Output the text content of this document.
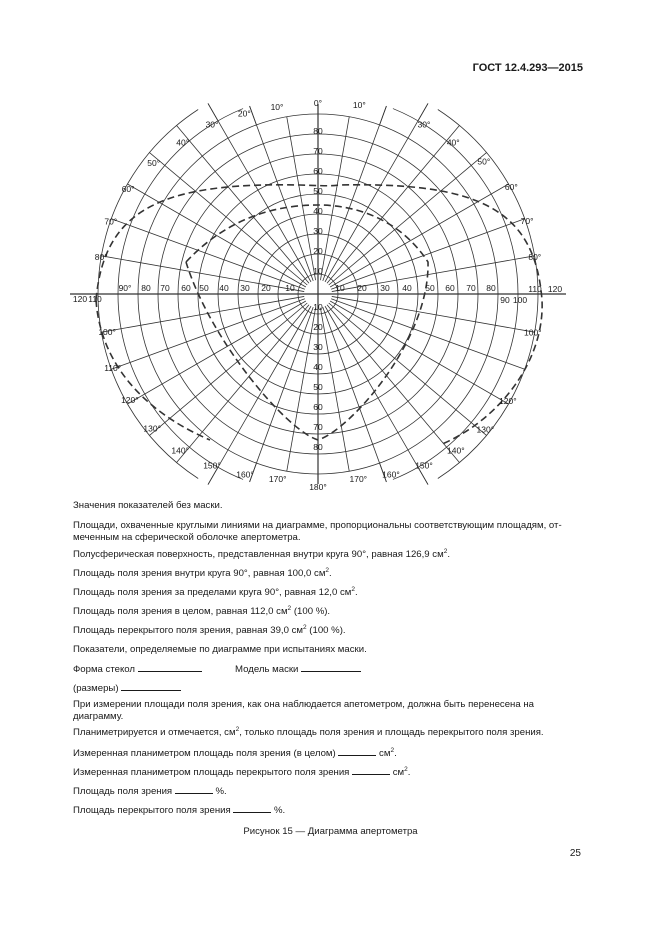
ГОСТ 12.4.293—2015
0°	10°
30°
40°
50°
60°
70°
80°
10°
20°
30°
40°
50°
60°
70°
80°
100°
120°
130°
140°
150°
160°
170°
100°
110°
120°
130°
140°
150°
160° 170°
180°
10
20
30
40
50
60
70
80
10
20
30
40
50
60
70
80
120 110
90° 80 70 60 50 40 30 20 10	10 20 30 40 50 60 70 80
90 100
110 120
Значения показателей без маски.
Площади, охваченные круглыми линиями на диаграмме, пропорциональны соответствующим площадям, от-меченным на сферической оболочке апертометра.
Полусферическая поверхность, представленная внутри круга 90°, равная 126,9 $см^2$.
Площадь поля зрения внутри круга 90°, равная 100,0 $см^2$.
Площадь поля зрения за пределами круга 90°, равная 12,0 $см^2$.
Площадь поля зрения в целом, равная 112,0 $см^2$ (100 %).
Площадь перекрытого поля зрения, равная 39,0 $см^2$ (100 %).
Показатели, определяемые по диаграмме при испытаниях маски.
Форма стекол	Модель маски
(размеры)
При измерении площади поля зрения, как она наблюдается апетометром, должна быть перенесена на диаграмму.
Планиметрируется и отмечается, $см^2$, только площадь поля зрения и площадь перекрытого поля зрения.
Измеренная планиметром площадь поля зрения (в целом)	$см^2$.
Измеренная планиметром площадь перекрытого поля зрения	$см^2$.
Площадь поля зрения	%.
Площадь перекрытого поля зрения	%.
Рисунок 15 — Диаграмма апертометра
25
